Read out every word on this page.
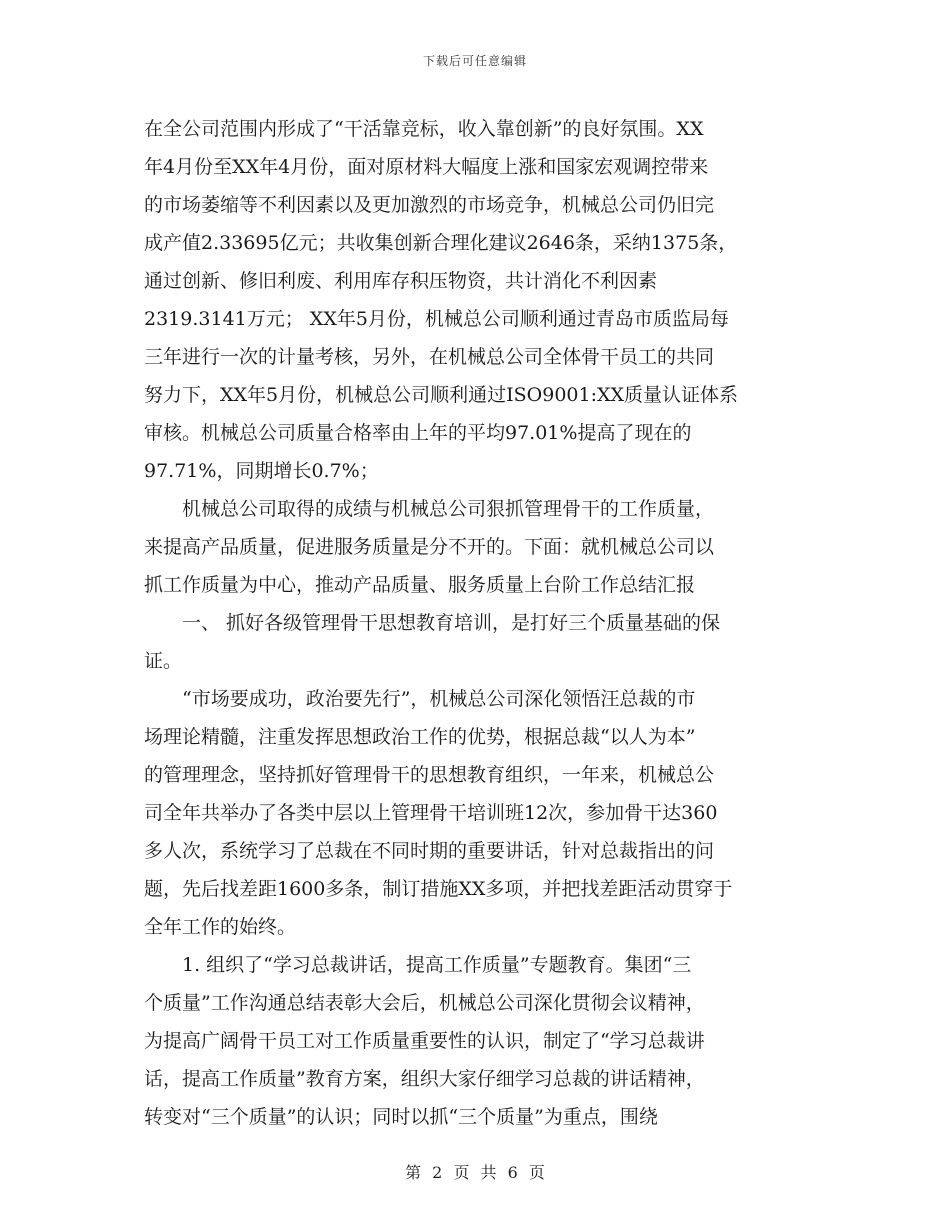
下载后可任意编辑
在全公司范围内形成了“干活靠竞标，收入靠创新”的良好氛围。XX
年4月份至XX年4月份，面对原材料大幅度上涨和国家宏观调控带来
的市场萎缩等不利因素以及更加激烈的市场竞争，机械总公司仍旧完
成产值2.33695亿元；共收集创新合理化建议2646条，采纳1375条，
通过创新、修旧利废、利用库存积压物资，共计消化不利因素
2319.3141万元； XX年5月份，机械总公司顺利通过青岛市质监局每
三年进行一次的计量考核，另外，在机械总公司全体骨干员工的共同
努力下，XX年5月份，机械总公司顺利通过ISO9001:XX质量认证体系
审核。机械总公司质量合格率由上年的平均97.01%提高了现在的
97.71%，同期增长0.7%；
机械总公司取得的成绩与机械总公司狠抓管理骨干的工作质量，
来提高产品质量，促进服务质量是分不开的。下面：就机械总公司以
抓工作质量为中心，推动产品质量、服务质量上台阶工作总结汇报
一、 抓好各级管理骨干思想教育培训，是打好三个质量基础的保
证。
“市场要成功，政治要先行”，机械总公司深化领悟汪总裁的市
场理论精髓，注重发挥思想政治工作的优势，根据总裁“以人为本”
的管理理念，坚持抓好管理骨干的思想教育组织，一年来，机械总公
司全年共举办了各类中层以上管理骨干培训班12次，参加骨干达360
多人次，系统学习了总裁在不同时期的重要讲话，针对总裁指出的问
题，先后找差距1600多条，制订措施XX多项，并把找差距活动贯穿于
全年工作的始终。
1. 组织了“学习总裁讲话，提高工作质量”专题教育。集团“三
个质量”工作沟通总结表彰大会后，机械总公司深化贯彻会议精神，
为提高广阔骨干员工对工作质量重要性的认识，制定了“学习总裁讲
话，提高工作质量”教育方案，组织大家仔细学习总裁的讲话精神，
转变对“三个质量”的认识；同时以抓“三个质量”为重点，围绕
第 2 页 共 6 页
